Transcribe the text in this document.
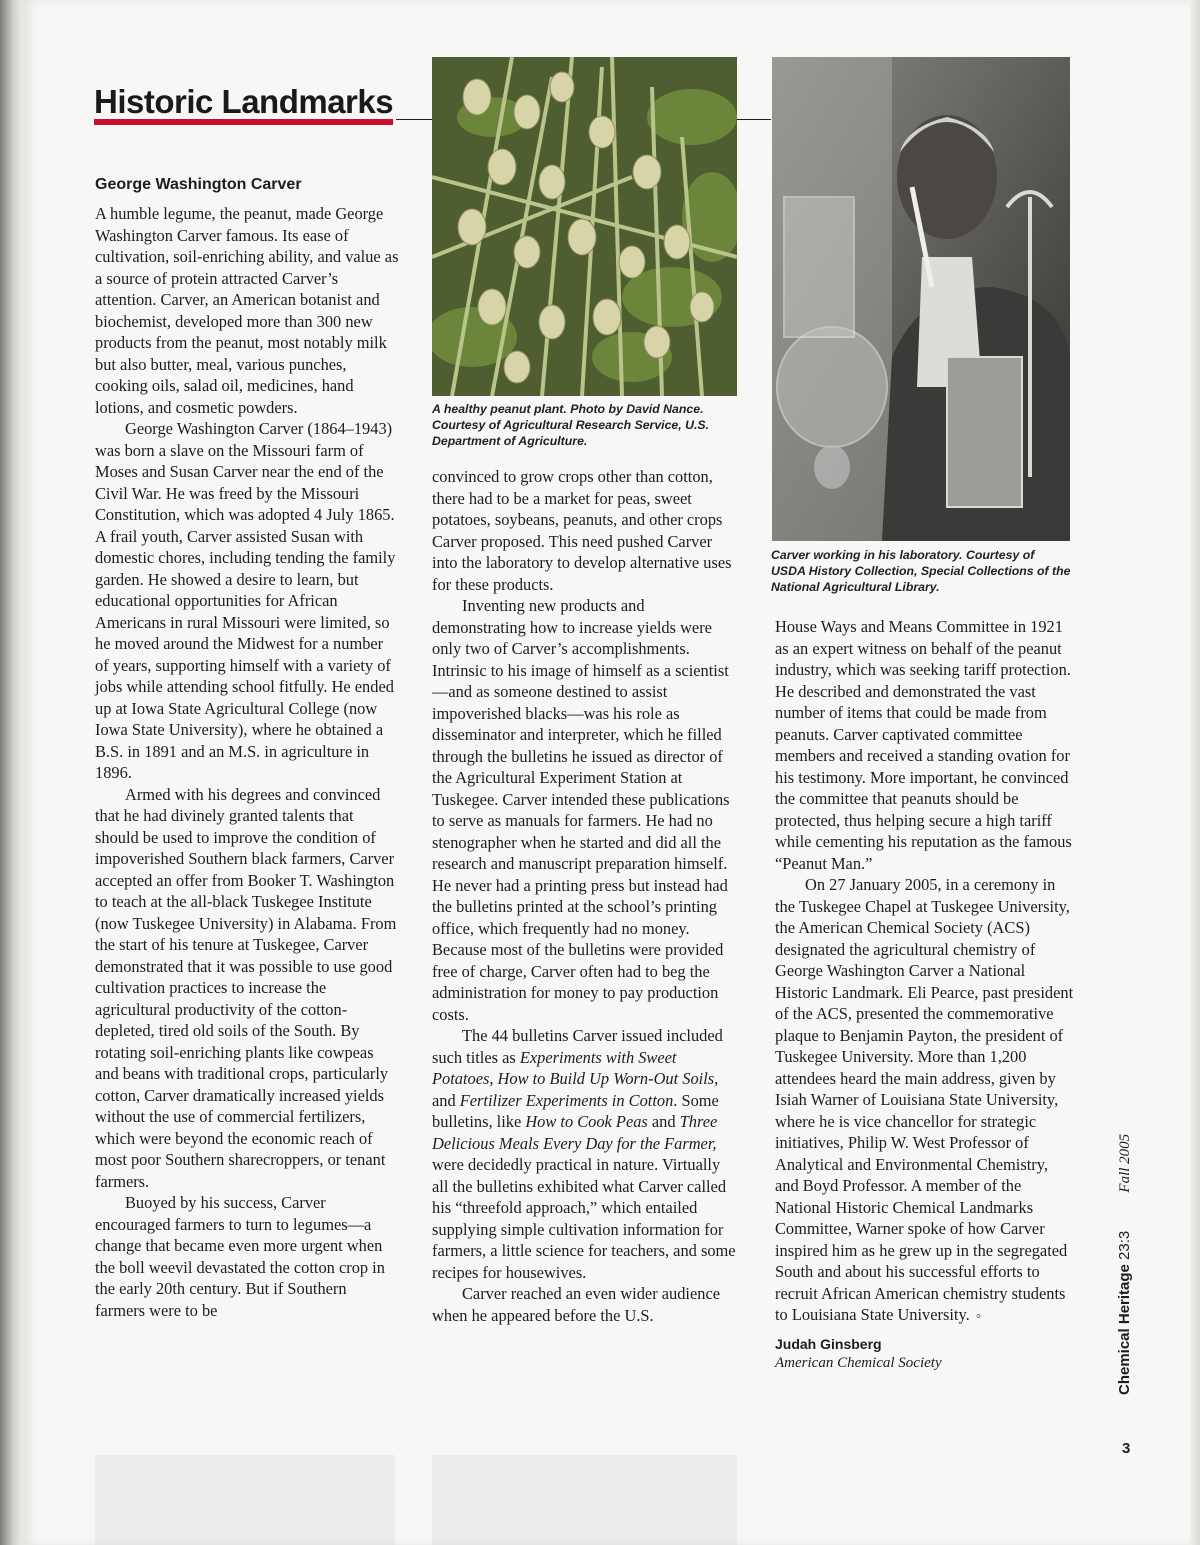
Historic Landmarks
George Washington Carver

A humble legume, the peanut, made George Washington Carver famous. Its ease of cultivation, soil-enriching ability, and value as a source of protein attracted Carver’s attention. Carver, an American botanist and biochemist, developed more than 300 new products from the peanut, most notably milk but also butter, meal, various punches, cooking oils, salad oil, medicines, hand lotions, and cosmetic powders.

George Washington Carver (1864–1943) was born a slave on the Missouri farm of Moses and Susan Carver near the end of the Civil War. He was freed by the Missouri Constitution, which was adopted 4 July 1865. A frail youth, Carver assisted Susan with domestic chores, including tending the family garden. He showed a desire to learn, but educational opportunities for African Americans in rural Missouri were limited, so he moved around the Midwest for a number of years, supporting himself with a variety of jobs while attending school fitfully. He ended up at Iowa State Agricultural College (now Iowa State University), where he obtained a B.S. in 1891 and an M.S. in agriculture in 1896.

Armed with his degrees and convinced that he had divinely granted talents that should be used to improve the condition of impoverished Southern black farmers, Carver accepted an offer from Booker T. Washington to teach at the all-black Tuskegee Institute (now Tuskegee University) in Alabama. From the start of his tenure at Tuskegee, Carver demonstrated that it was possible to use good cultivation practices to increase the agricultural productivity of the cotton-depleted, tired old soils of the South. By rotating soil-enriching plants like cowpeas and beans with traditional crops, particularly cotton, Carver dramatically increased yields without the use of commercial fertilizers, which were beyond the economic reach of most poor Southern sharecroppers, or tenant farmers.

Buoyed by his success, Carver encouraged farmers to turn to legumes—a change that became even more urgent when the boll weevil devastated the cotton crop in the early 20th century. But if Southern farmers were to be

A healthy peanut plant. Photo by David Nance. Courtesy of Agricultural Research Service, U.S. Department of Agriculture.

convinced to grow crops other than cotton, there had to be a market for peas, sweet potatoes, soybeans, peanuts, and other crops Carver proposed. This need pushed Carver into the laboratory to develop alternative uses for these products.

Inventing new products and demonstrating how to increase yields were only two of Carver’s accomplishments. Intrinsic to his image of himself as a scientist—and as someone destined to assist impoverished blacks—was his role as disseminator and interpreter, which he filled through the bulletins he issued as director of the Agricultural Experiment Station at Tuskegee. Carver intended these publications to serve as manuals for farmers. He had no stenographer when he started and did all the research and manuscript preparation himself. He never had a printing press but instead had the bulletins printed at the school’s printing office, which frequently had no money. Because most of the bulletins were provided free of charge, Carver often had to beg the administration for money to pay production costs.

The 44 bulletins Carver issued included such titles as Experiments with Sweet Potatoes, How to Build Up Worn-Out Soils, and Fertilizer Experiments in Cotton. Some bulletins, like How to Cook Peas and Three Delicious Meals Every Day for the Farmer, were decidedly practical in nature. Virtually all the bulletins exhibited what Carver called his “threefold approach,” which entailed supplying simple cultivation information for farmers, a little science for teachers, and some recipes for housewives.

Carver reached an even wider audience when he appeared before the U.S.

Carver working in his laboratory. Courtesy of USDA History Collection, Special Collections of the National Agricultural Library.

House Ways and Means Committee in 1921 as an expert witness on behalf of the peanut industry, which was seeking tariff protection. He described and demonstrated the vast number of items that could be made from peanuts. Carver captivated committee members and received a standing ovation for his testimony. More important, he convinced the committee that peanuts should be protected, thus helping secure a high tariff while cementing his reputation as the famous “Peanut Man.”

On 27 January 2005, in a ceremony in the Tuskegee Chapel at Tuskegee University, the American Chemical Society (ACS) designated the agricultural chemistry of George Washington Carver a National Historic Landmark. Eli Pearce, past president of the ACS, presented the commemorative plaque to Benjamin Payton, the president of Tuskegee University. More than 1,200 attendees heard the main address, given by Isiah Warner of Louisiana State University, where he is vice chancellor for strategic initiatives, Philip W. West Professor of Analytical and Environmental Chemistry, and Boyd Professor. A member of the National Historic Chemical Landmarks Committee, Warner spoke of how Carver inspired him as he grew up in the segregated South and about his successful efforts to recruit African American chemistry students to Louisiana State University. ⚬

Judah Ginsberg

American Chemical Society	Chemical Heritage 23:3 Fall 2005
3
